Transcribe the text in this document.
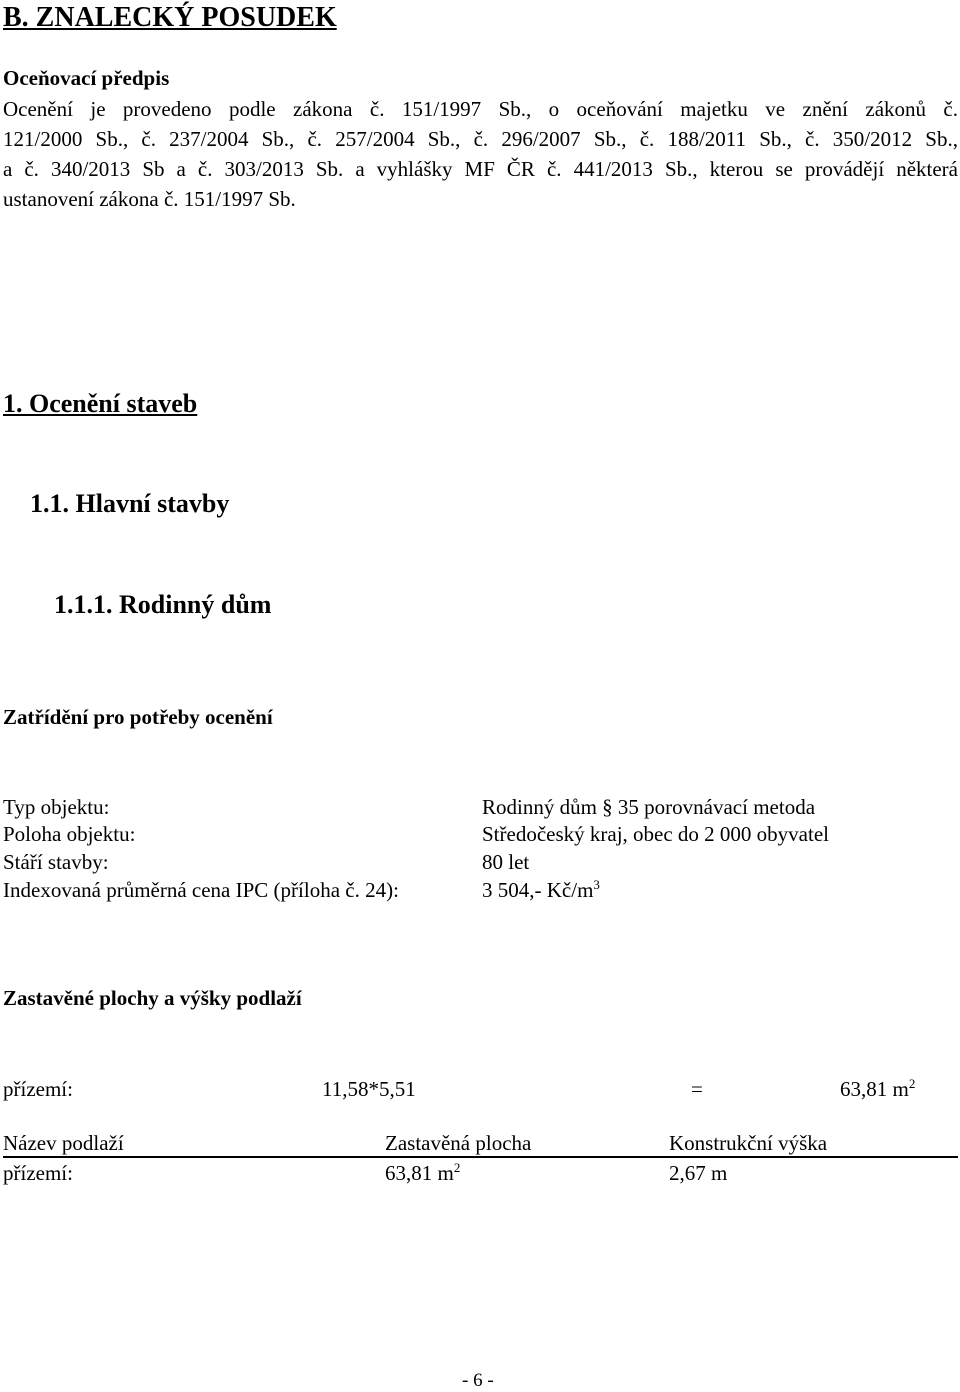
B. ZNALECKÝ POSUDEK
Oceňovací předpis
Ocenění je provedeno podle zákona č. 151/1997 Sb., o oceňování majetku ve znění zákonů č.
121/2000 Sb., č. 237/2004 Sb., č. 257/2004 Sb., č. 296/2007 Sb., č. 188/2011 Sb., č. 350/2012 Sb.,
a č. 340/2013 Sb a č. 303/2013 Sb. a vyhlášky MF ČR č. 441/2013 Sb., kterou se provádějí některá
ustanovení zákona č. 151/1997 Sb.
1. Ocenění staveb
1.1. Hlavní stavby
1.1.1. Rodinný dům
Zatřídění pro potřeby ocenění
Typ objektu:	Rodinný dům § 35 porovnávací metoda
Poloha objektu:	Středočeský kraj, obec do 2 000 obyvatel
Stáří stavby:	80 let
Indexovaná průměrná cena IPC (příloha č. 24):	3 504,- $Kč/m^3$
Zastavěné plochy a výšky podlaží
přízemí:	11,58*5,51	=	63,81 $m^2$
Název podlaží	Zastavěná plocha	Konstrukční výška
přízemí:	63,81 $m^2$	2,67 m
- 6 -
